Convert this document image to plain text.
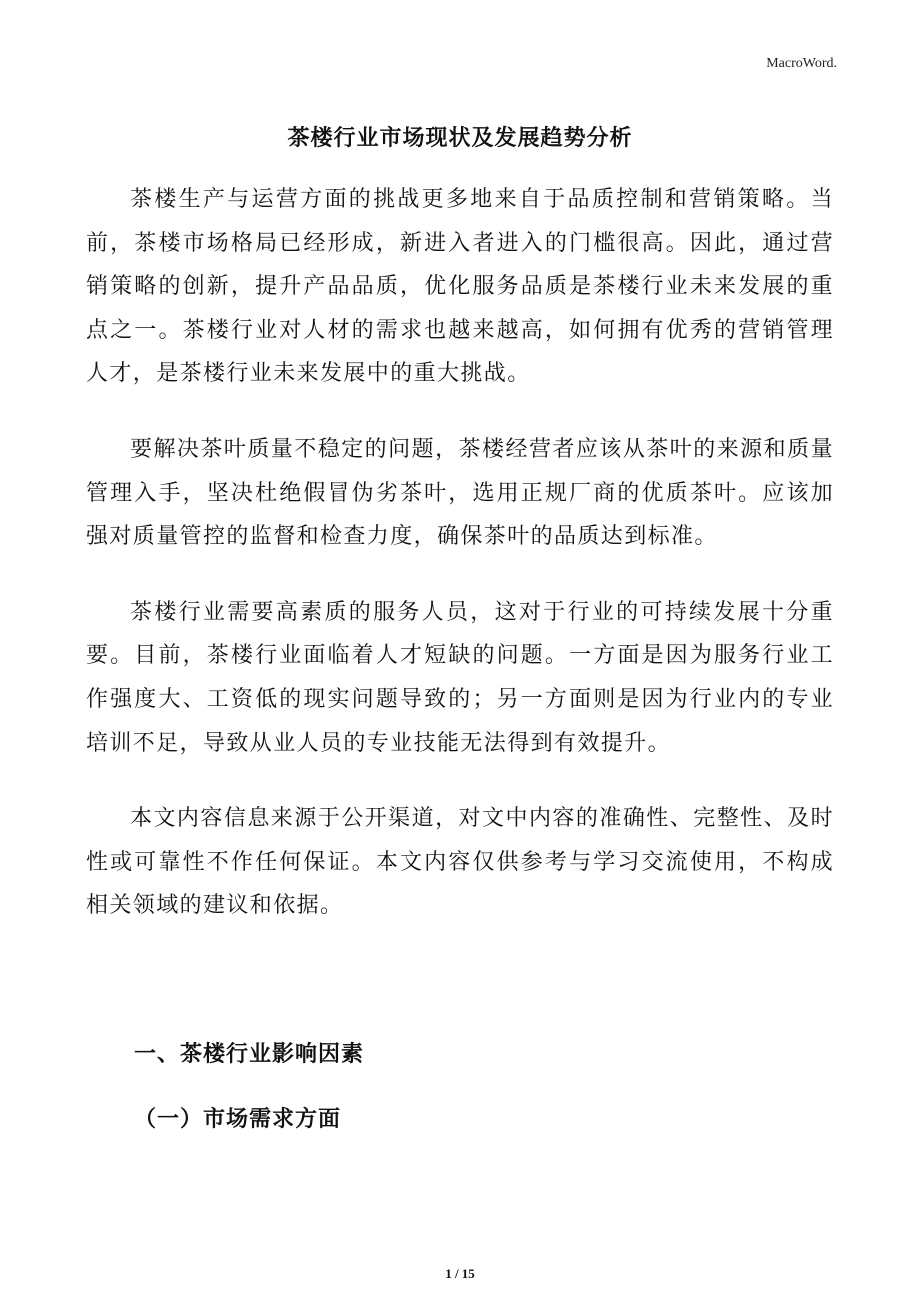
MacroWord.
茶楼行业市场现状及发展趋势分析

茶楼生产与运营方面的挑战更多地来自于品质控制和营销策略。当前，茶楼市场格局已经形成，新进入者进入的门槛很高。因此，通过营销策略的创新，提升产品品质，优化服务品质是茶楼行业未来发展的重点之一。茶楼行业对人材的需求也越来越高，如何拥有优秀的营销管理人才，是茶楼行业未来发展中的重大挑战。

要解决茶叶质量不稳定的问题，茶楼经营者应该从茶叶的来源和质量管理入手，坚决杜绝假冒伪劣茶叶，选用正规厂商的优质茶叶。应该加强对质量管控的监督和检查力度，确保茶叶的品质达到标准。

茶楼行业需要高素质的服务人员，这对于行业的可持续发展十分重要。目前，茶楼行业面临着人才短缺的问题。一方面是因为服务行业工作强度大、工资低的现实问题导致的；另一方面则是因为行业内的专业培训不足，导致从业人员的专业技能无法得到有效提升。

本文内容信息来源于公开渠道，对文中内容的准确性、完整性、及时性或可靠性不作任何保证。本文内容仅供参考与学习交流使用，不构成相关领域的建议和依据。

一、茶楼行业影响因素
（一）市场需求方面
1 / 15
